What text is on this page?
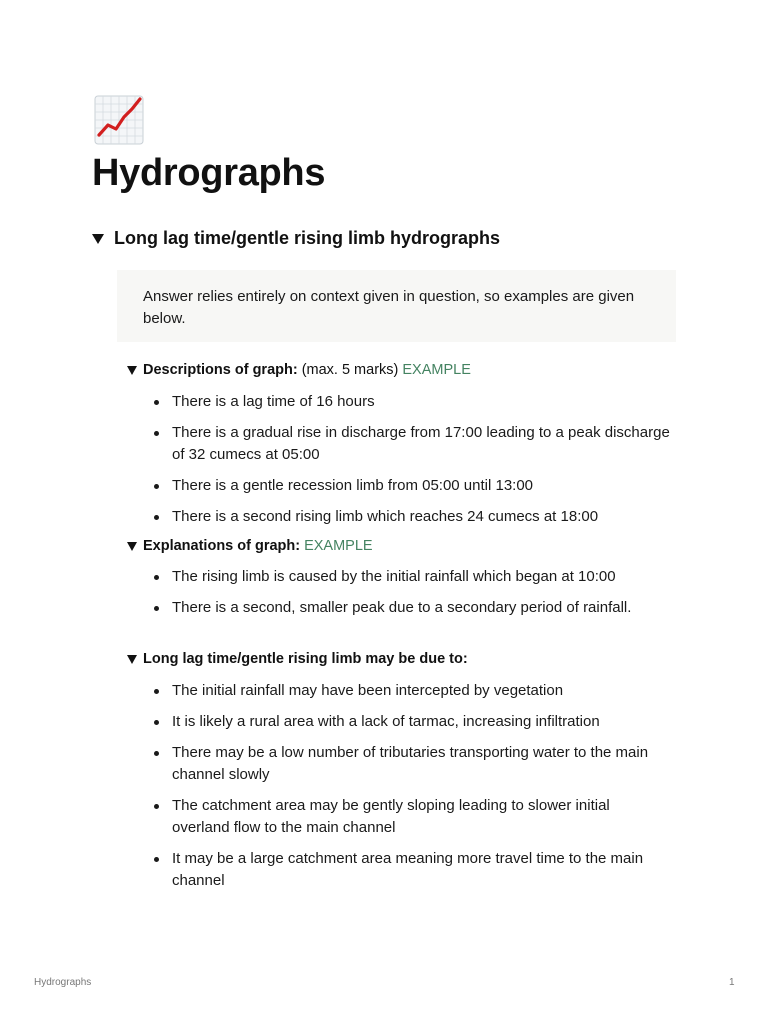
Hydrographs
Long lag time/gentle rising limb hydrographs
Answer relies entirely on context given in question, so examples are given below.
Descriptions of graph: (max. 5 marks) EXAMPLE
There is a lag time of 16 hours
There is a gradual rise in discharge from 17:00 leading to a peak discharge of 32 cumecs at 05:00
There is a gentle recession limb from 05:00 until 13:00
There is a second rising limb which reaches 24 cumecs at 18:00
Explanations of graph: EXAMPLE
The rising limb is caused by the initial rainfall which began at 10:00
There is a second, smaller peak due to a secondary period of rainfall.
Long lag time/gentle rising limb may be due to:
The initial rainfall may have been intercepted by vegetation
It is likely a rural area with a lack of tarmac, increasing infiltration
There may be a low number of tributaries transporting water to the main channel slowly
The catchment area may be gently sloping leading to slower initial overland flow to the main channel
It may be a large catchment area meaning more travel time to the main channel
Hydrographs	1
